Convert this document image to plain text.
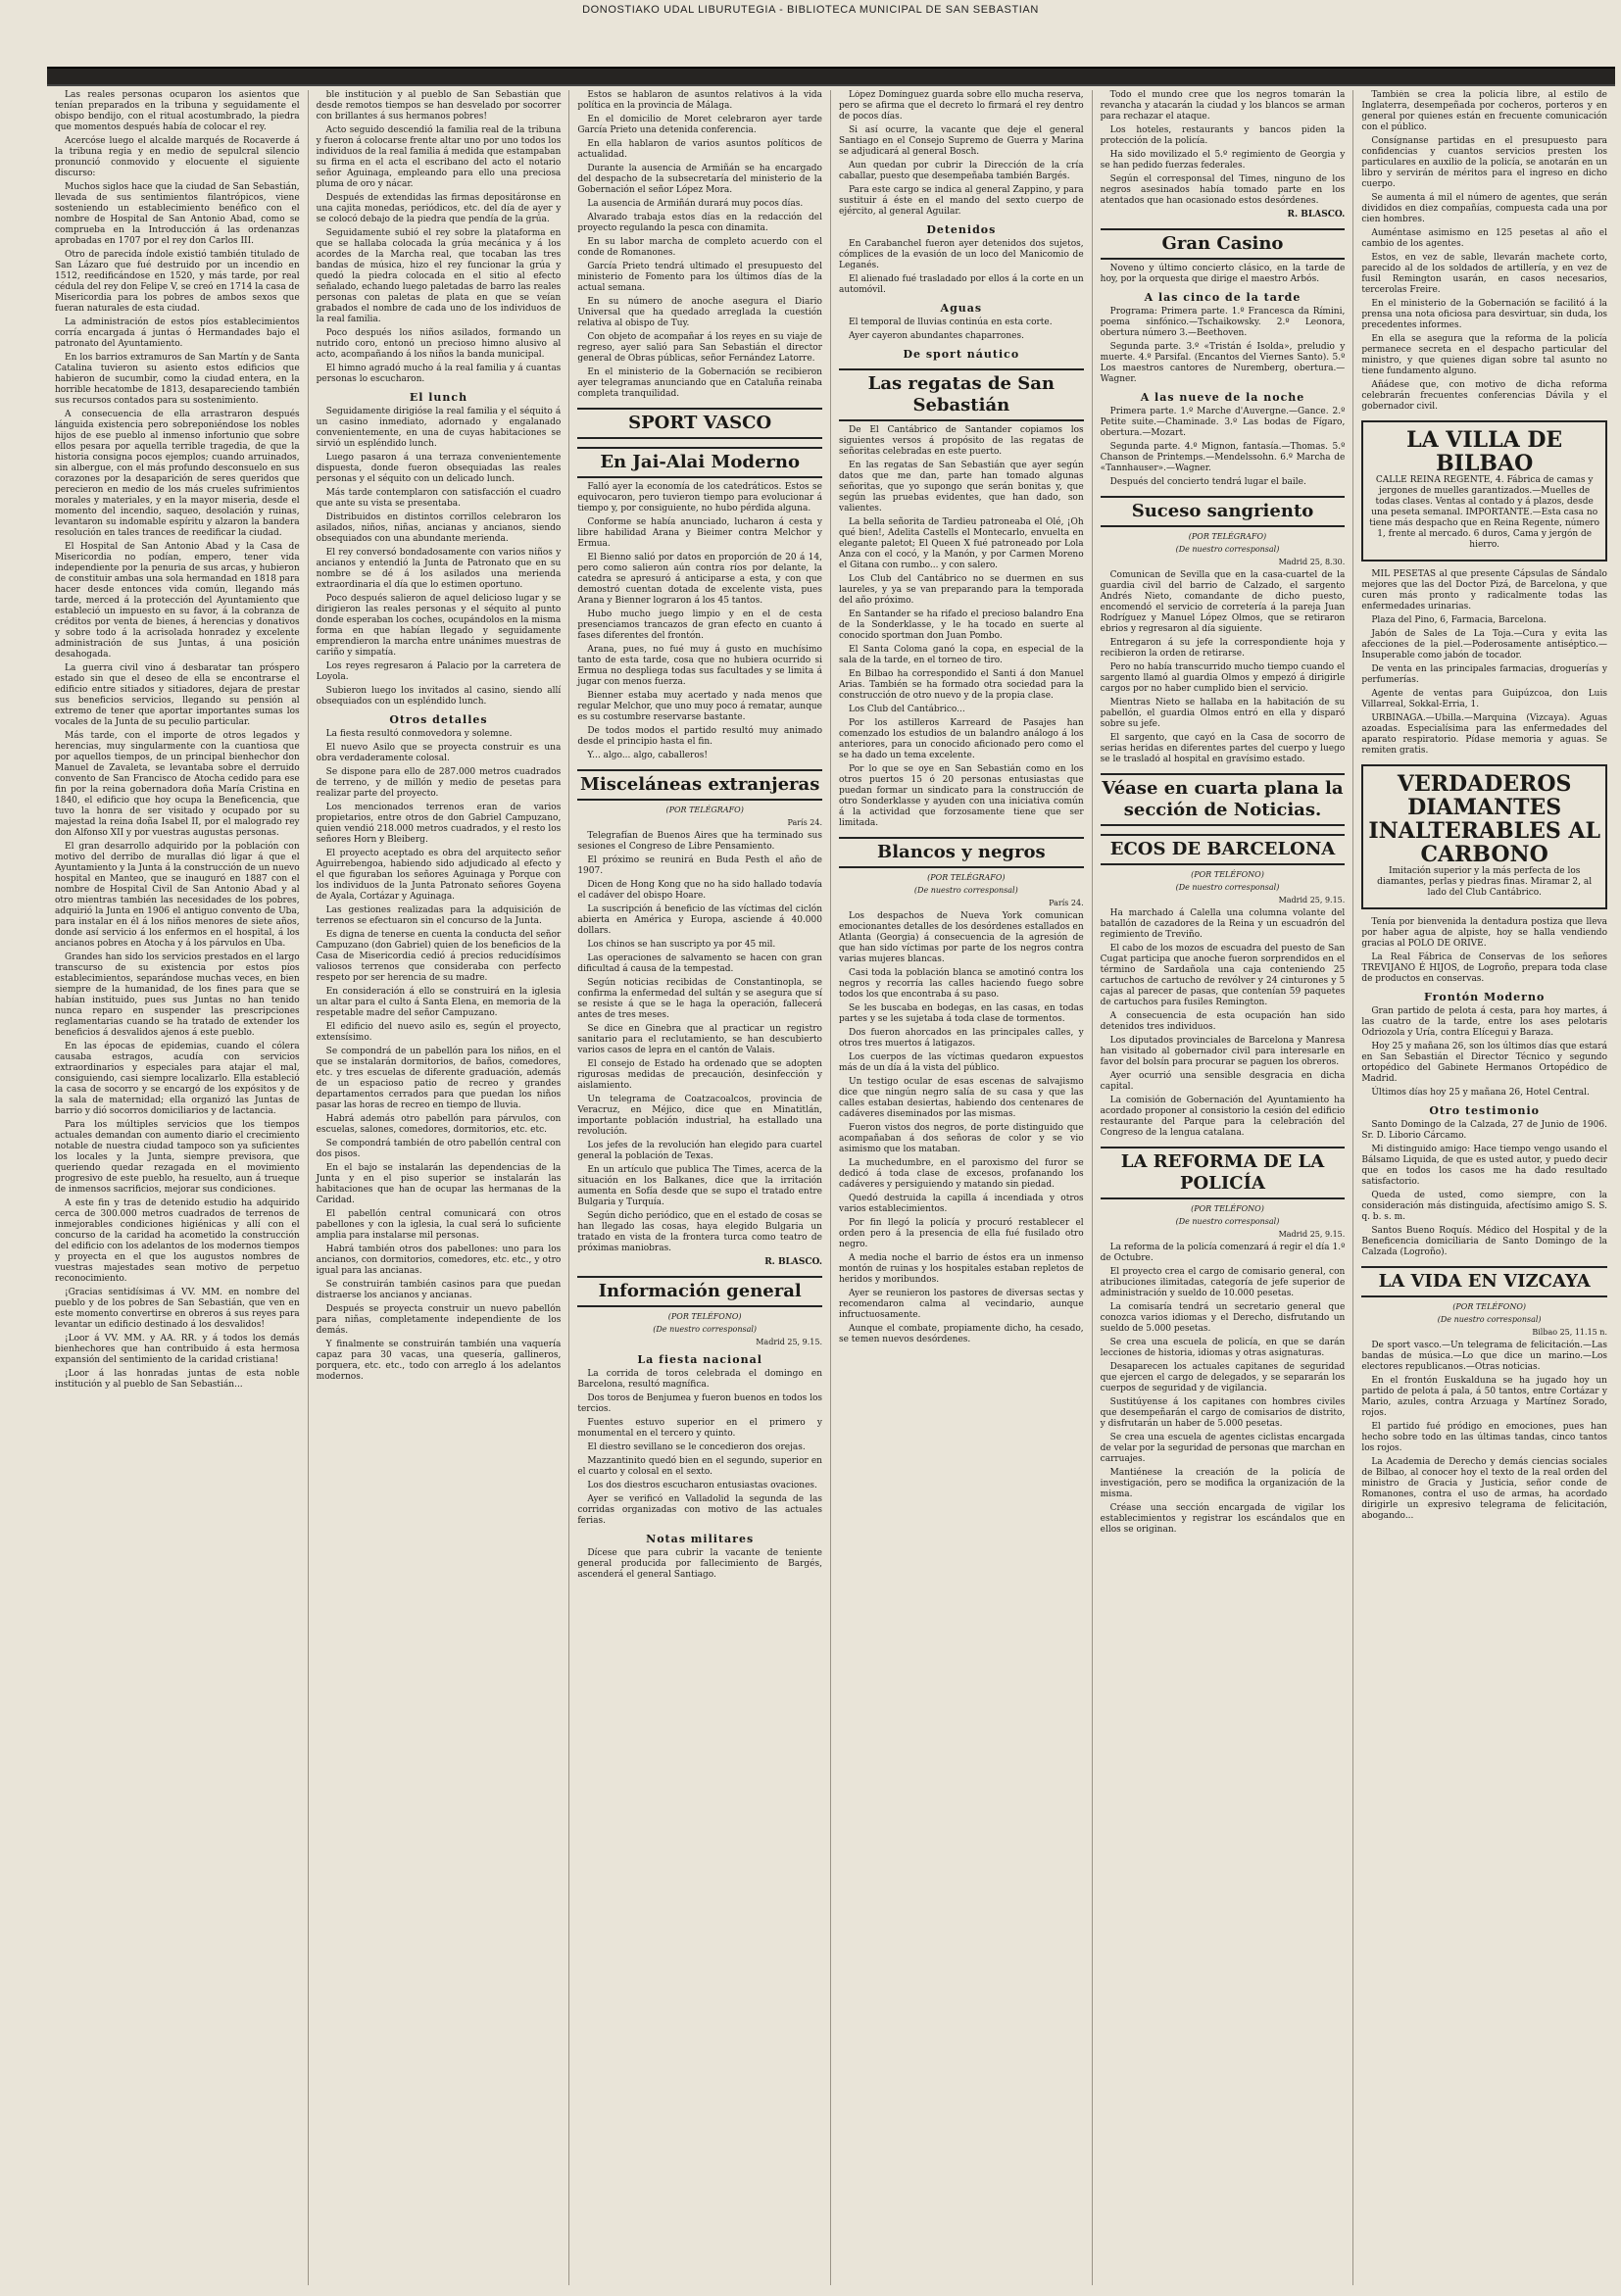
DONOSTIAKO UDAL LIBURUTEGIA - BIBLIOTECA MUNICIPAL DE SAN SEBASTIAN

Las reales personas ocuparon los asientos que tenían preparados en la tribuna y seguidamente el obispo bendijo, con el ritual acostumbrado, la piedra que momentos después había de colocar el rey.

Acercóse luego el alcalde marqués de Rocaverde á la tribuna regia y en medio de sepulcral silencio pronunció conmovido y elocuente el siguiente discurso:

Muchos siglos hace que la ciudad de San Sebastián, llevada de sus sentimientos filantrópicos, viene sosteniendo un establecimiento benéfico con el nombre de Hospital de San Antonio Abad, como se comprueba en la Introducción á las ordenanzas aprobadas en 1707 por el rey don Carlos III.

Otro de parecida índole existió también titulado de San Lázaro que fué destruido por un incendio en 1512, reedificándose en 1520, y más tarde, por real cédula del rey don Felipe V, se creó en 1714 la casa de Misericordia para los pobres de ambos sexos que fueran naturales de esta ciudad.

La administración de estos píos establecimientos corría encargada á juntas ó Hermandades bajo el patronato del Ayuntamiento.

En los barrios extramuros de San Martín y de Santa Catalina tuvieron su asiento estos edificios que habieron de sucumbir, como la ciudad entera, en la horrible hecatombe de 1813, desapareciendo también sus recursos contados para su sostenimiento.

A consecuencia de ella arrastraron después lánguida existencia pero sobreponiéndose los nobles hijos de ese pueblo al inmenso infortunio que sobre ellos pesara por aquella terrible tragedia, de que la historia consigna pocos ejemplos; cuando arruinados, sin albergue, con el más profundo desconsuelo en sus corazones por la desaparición de seres queridos que perecieron en medio de los más crueles sufrimientos morales y materiales, y en la mayor miseria, desde el momento del incendio, saqueo, desolación y ruinas, levantaron su indomable espíritu y alzaron la bandera resolución en tales trances de reedificar la ciudad.

El Hospital de San Antonio Abad y la Casa de Misericordia no podían, empero, tener vida independiente por la penuria de sus arcas, y hubieron de constituir ambas una sola hermandad en 1818 para hacer desde entonces vida común, llegando más tarde, merced á la protección del Ayuntamiento que estableció un impuesto en su favor, á la cobranza de créditos por venta de bienes, á herencias y donativos y sobre todo á la acrisolada honradez y excelente administración de sus Juntas, á una posición desahogada.

La guerra civil vino á desbaratar tan próspero estado sin que el deseo de ella se encontrarse el edificio entre sitiados y sitiadores, dejara de prestar sus beneficios servicios, llegando su pensión al extremo de tener que aportar importantes sumas los vocales de la Junta de su peculio particular.

Más tarde, con el importe de otros legados y herencias, muy singularmente con la cuantiosa que por aquellos tiempos, de un principal bienhechor don Manuel de Zavaleta, se levantaba sobre el derruido convento de San Francisco de Atocha cedido para ese fin por la reina gobernadora doña María Cristina en 1840, el edificio que hoy ocupa la Beneficencia, que tuvo la honra de ser visitado y ocupado por su majestad la reina doña Isabel II, por el malogrado rey don Alfonso XII y por vuestras augustas personas.

El gran desarrollo adquirido por la población con motivo del derribo de murallas dió ligar á que el Ayuntamiento y la Junta á la construcción de un nuevo hospital en Manteo, que se inauguró en 1887 con el nombre de Hospital Civil de San Antonio Abad y al otro mientras también las necesidades de los pobres, adquirió la Junta en 1906 el antiguo convento de Uba, para instalar en él á los niños menores de siete años, donde así servicio á los enfermos en el hospital, á los ancianos pobres en Atocha y á los párvulos en Uba.

Grandes han sido los servicios prestados en el largo transcurso de su existencia por estos píos establecimientos, separándose muchas veces, en bien siempre de la humanidad, de los fines para que se habían instituido, pues sus Juntas no han tenido nunca reparo en suspender las prescripciones reglamentarias cuando se ha tratado de extender los beneficios á desvalidos ajenos á este pueblo.

En las épocas de epidemias, cuando el cólera causaba estragos, acudía con servicios extraordinarios y especiales para atajar el mal, consiguiendo, casi siempre localizarlo. Ella estableció la casa de socorro y se encargó de los expósitos y de la sala de maternidad; ella organizó las Juntas de barrio y dió socorros domiciliarios y de lactancia.

Para los múltiples servicios que los tiempos actuales demandan con aumento diario el crecimiento notable de nuestra ciudad tampoco son ya suficientes los locales y la Junta, siempre previsora, que queriendo quedar rezagada en el movimiento progresivo de este pueblo, ha resuelto, aun á trueque de inmensos sacrificios, mejorar sus condiciones.

A este fin y tras de detenido estudio ha adquirido cerca de 300.000 metros cuadrados de terrenos de inmejorables condiciones higiénicas y allí con el concurso de la caridad ha acometido la construcción del edificio con los adelantos de los modernos tiempos y proyecta en el que los augustos nombres de vuestras majestades sean motivo de perpetuo reconocimiento.

¡Gracias sentidísimas á VV. MM. en nombre del pueblo y de los pobres de San Sebastián, que ven en este momento convertirse en obreros á sus reyes para levantar un edificio destinado á los desvalidos!

¡Loor á VV. MM. y AA. RR. y á todos los demás bienhechores que han contribuido á esta hermosa expansión del sentimiento de la caridad cristiana!

¡Loor á las honradas juntas de esta noble institución y al pueblo de San Sebastián...

ble institución y al pueblo de San Sebastián que desde remotos tiempos se han desvelado por socorrer con brillantes á sus hermanos pobres!

Acto seguido descendió la familia real de la tribuna y fueron á colocarse frente altar uno por uno todos los individuos de la real familia á medida que estampaban su firma en el acta el escribano del acto el notario señor Aguinaga, empleando para ello una preciosa pluma de oro y nácar.

Después de extendidas las firmas depositáronse en una cajita monedas, periódicos, etc. del día de ayer y se colocó debajo de la piedra que pendía de la grúa.

Seguidamente subió el rey sobre la plataforma en que se hallaba colocada la grúa mecánica y á los acordes de la Marcha real, que tocaban las tres bandas de música, hizo el rey funcionar la grúa y quedó la piedra colocada en el sitio al efecto señalado, echando luego paletadas de barro las reales personas con paletas de plata en que se veían grabados el nombre de cada uno de los individuos de la real familia.

Poco después los niños asilados, formando un nutrido coro, entonó un precioso himno alusivo al acto, acompañando á los niños la banda municipal.

El himno agradó mucho á la real familia y á cuantas personas lo escucharon.

El lunch

Seguidamente dirigióse la real familia y el séquito á un casino inmediato, adornado y engalanado convenientemente, en una de cuyas habitaciones se sirvió un espléndido lunch.

Luego pasaron á una terraza convenientemente dispuesta, donde fueron obsequiadas las reales personas y el séquito con un delicado lunch.

Más tarde contemplaron con satisfacción el cuadro que ante su vista se presentaba.

Distribuidos en distintos corrillos celebraron los asilados, niños, niñas, ancianas y ancianos, siendo obsequiados con una abundante merienda.

El rey conversó bondadosamente con varios niños y ancianos y entendió la Junta de Patronato que en su nombre se dé á los asilados una merienda extraordinaria el día que lo estimen oportuno.

Poco después salieron de aquel delicioso lugar y se dirigieron las reales personas y el séquito al punto donde esperaban los coches, ocupándolos en la misma forma en que habían llegado y seguidamente emprendieron la marcha entre unánimes muestras de cariño y simpatía.

Los reyes regresaron á Palacio por la carretera de Loyola.

Subieron luego los invitados al casino, siendo allí obsequiados con un espléndido lunch.

Otros detalles

La fiesta resultó conmovedora y solemne.

El nuevo Asilo que se proyecta construir es una obra verdaderamente colosal.

Se dispone para ello de 287.000 metros cuadrados de terreno, y de millón y medio de pesetas para realizar parte del proyecto.

Los mencionados terrenos eran de varios propietarios, entre otros de don Gabriel Campuzano, quien vendió 218.000 metros cuadrados, y el resto los señores Horn y Bleiberg.

El proyecto aceptado es obra del arquitecto señor Aguirrebengoa, habiendo sido adjudicado al efecto y el que figuraban los señores Aguinaga y Porque con los individuos de la Junta Patronato señores Goyena de Ayala, Cortázar y Aguinaga.

Las gestiones realizadas para la adquisición de terrenos se efectuaron sin el concurso de la Junta.

Es digna de tenerse en cuenta la conducta del señor Campuzano (don Gabriel) quien de los beneficios de la Casa de Misericordia cedió á precios reducidísimos valiosos terrenos que consideraba con perfecto respeto por ser herencia de su madre.

En consideración á ello se construirá en la iglesia un altar para el culto á Santa Elena, en memoria de la respetable madre del señor Campuzano.

El edificio del nuevo asilo es, según el proyecto, extensísimo.

Se compondrá de un pabellón para los niños, en el que se instalarán dormitorios, de baños, comedores, etc. y tres escuelas de diferente graduación, además de un espacioso patio de recreo y grandes departamentos cerrados para que puedan los niños pasar las horas de recreo en tiempo de lluvia.

Habrá además otro pabellón para párvulos, con escuelas, salones, comedores, dormitorios, etc. etc.

Se compondrá también de otro pabellón central con dos pisos.

En el bajo se instalarán las dependencias de la Junta y en el piso superior se instalarán las habitaciones que han de ocupar las hermanas de la Caridad.

El pabellón central comunicará con otros pabellones y con la iglesia, la cual será lo suficiente amplia para instalarse mil personas.

Habrá también otros dos pabellones: uno para los ancianos, con dormitorios, comedores, etc. etc., y otro igual para las ancianas.

Se construirán también casinos para que puedan distraerse los ancianos y ancianas.

Después se proyecta construir un nuevo pabellón para niñas, completamente independiente de los demás.

Y finalmente se construirán también una vaquería capaz para 30 vacas, una quesería, gallineros, porquera, etc. etc., todo con arreglo á los adelantos modernos.

Estos se hablaron de asuntos relativos á la vida política en la provincia de Málaga.

En el domicilio de Moret celebraron ayer tarde García Prieto una detenida conferencia.

En ella hablaron de varios asuntos políticos de actualidad.

Durante la ausencia de Armiñán se ha encargado del despacho de la subsecretaría del ministerio de la Gobernación el señor López Mora.

La ausencia de Armiñán durará muy pocos días.

Alvarado trabaja estos días en la redacción del proyecto regulando la pesca con dinamita.

En su labor marcha de completo acuerdo con el conde de Romanones.

García Prieto tendrá ultimado el presupuesto del ministerio de Fomento para los últimos días de la actual semana.

En su número de anoche asegura el Diario Universal que ha quedado arreglada la cuestión relativa al obispo de Tuy.

Con objeto de acompañar á los reyes en su viaje de regreso, ayer salió para San Sebastián el director general de Obras públicas, señor Fernández Latorre.

En el ministerio de la Gobernación se recibieron ayer telegramas anunciando que en Cataluña reinaba completa tranquilidad.

SPORT VASCO
En Jai-Alai Moderno

Falló ayer la economía de los catedráticos. Estos se equivocaron, pero tuvieron tiempo para evolucionar á tiempo y, por consiguiente, no hubo pérdida alguna.

Conforme se había anunciado, lucharon á cesta y libre habilidad Arana y Bieimer contra Melchor y Ermua.

El Bienno salió por datos en proporción de 20 á 14, pero como salieron aún contra ríos por delante, la catedra se apresuró á anticiparse a esta, y con que demostró cuentan dotada de excelente vista, pues Arana y Bienner lograron á los 45 tantos.

Hubo mucho juego limpio y en el de cesta presenciamos trancazos de gran efecto en cuanto á fases diferentes del frontón.

Arana, pues, no fué muy á gusto en muchísimo tanto de esta tarde, cosa que no hubiera ocurrido si Ermua no despliega todas sus facultades y se limita á jugar con menos fuerza.

Bienner estaba muy acertado y nada menos que regular Melchor, que uno muy poco á rematar, aunque es su costumbre reservarse bastante.

De todos modos el partido resultó muy animado desde el principio hasta el fin.

Y... algo... algo, caballeros!

Misceláneas extranjeras

(POR TELÉGRAFO)

París 24.

Telegrafían de Buenos Aires que ha terminado sus sesiones el Congreso de Libre Pensamiento.

El próximo se reunirá en Buda Pesth el año de 1907.

Dicen de Hong Kong que no ha sido hallado todavía el cadáver del obispo Hoare.

La suscripción á beneficio de las víctimas del ciclón abierta en América y Europa, asciende á 40.000 dollars.

Los chinos se han suscripto ya por 45 mil.

Las operaciones de salvamento se hacen con gran dificultad á causa de la tempestad.

Según noticias recibidas de Constantinopla, se confirma la enfermedad del sultán y se asegura que sí se resiste á que se le haga la operación, fallecerá antes de tres meses.

Se dice en Ginebra que al practicar un registro sanitario para el reclutamiento, se han descubierto varios casos de lepra en el cantón de Valais.

El consejo de Estado ha ordenado que se adopten rigurosas medidas de precaución, desinfección y aislamiento.

Un telegrama de Coatzacoalcos, provincia de Veracruz, en Méjico, dice que en Minatitlán, importante población industrial, ha estallado una revolución.

Los jefes de la revolución han elegido para cuartel general la población de Texas.

En un artículo que publica The Times, acerca de la situación en los Balkanes, dice que la irritación aumenta en Sofía desde que se supo el tratado entre Bulgaria y Turquía.

Según dicho periódico, que en el estado de cosas se han llegado las cosas, haya elegido Bulgaria un tratado en vista de la frontera turca como teatro de próximas maniobras.

R. BLASCO.

Información general

(POR TELÉFONO)

(De nuestro corresponsal)

Madrid 25, 9.15.

La fiesta nacional

La corrida de toros celebrada el domingo en Barcelona, resultó magnífica.

Dos toros de Benjumea y fueron buenos en todos los tercios.

Fuentes estuvo superior en el primero y monumental en el tercero y quinto.

El diestro sevillano se le concedieron dos orejas.

Mazzantinito quedó bien en el segundo, superior en el cuarto y colosal en el sexto.

Los dos diestros escucharon entusiastas ovaciones.

Ayer se verificó en Valladolid la segunda de las corridas organizadas con motivo de las actuales ferias.

Notas militares

Dícese que para cubrir la vacante de teniente general producida por fallecimiento de Bargés, ascenderá el general Santiago.

López Domínguez guarda sobre ello mucha reserva, pero se afirma que el decreto lo firmará el rey dentro de pocos días.

Si así ocurre, la vacante que deje el general Santiago en el Consejo Supremo de Guerra y Marina se adjudicará al general Bosch.

Aun quedan por cubrir la Dirección de la cría caballar, puesto que desempeñaba también Bargés.

Para este cargo se indica al general Zappino, y para sustituir á éste en el mando del sexto cuerpo de ejército, al general Aguilar.

Detenidos

En Carabanchel fueron ayer detenidos dos sujetos, cómplices de la evasión de un loco del Manicomio de Leganés.

El alienado fué trasladado por ellos á la corte en un automóvil.

Aguas

El temporal de lluvias continúa en esta corte.

Ayer cayeron abundantes chaparrones.

De sport náutico
Las regatas de San Sebastián

De El Cantábrico de Santander copiamos los siguientes versos á propósito de las regatas de señoritas celebradas en este puerto.

En las regatas de San Sebastián que ayer según datos que me dan, parte han tomado algunas señoritas, que yo supongo que serán bonitas y, que según las pruebas evidentes, que han dado, son valientes.

La bella señorita de Tardieu patroneaba el Olé, ¡Oh qué bien!, Adelita Castells el Montecarlo, envuelta en elegante paletot; El Queen X fué patroneado por Lola Anza con el cocó, y la Manón, y por Carmen Moreno el Gitana con rumbo... y con salero.

Los Club del Cantábrico no se duermen en sus laureles, y ya se van preparando para la temporada del año próximo.

En Santander se ha rifado el precioso balandro Ena de la Sonderklasse, y le ha tocado en suerte al conocido sportman don Juan Pombo.

El Santa Coloma ganó la copa, en especial de la sala de la tarde, en el torneo de tiro.

En Bilbao ha correspondido el Santi á don Manuel Arias. También se ha formado otra sociedad para la construcción de otro nuevo y de la propia clase.

Los Club del Cantábrico...

Por los astilleros Karreard de Pasajes han comenzado los estudios de un balandro análogo á los anteriores, para un conocido aficionado pero como el se ha dado un tema excelente.

Por lo que se oye en San Sebastián como en los otros puertos 15 ó 20 personas entusiastas que puedan formar un sindicato para la construcción de otro Sonderklasse y ayuden con una iniciativa común á la actividad que forzosamente tiene que ser limitada.

Blancos y negros

(POR TELÉGRAFO)

(De nuestro corresponsal)

París 24.

Los despachos de Nueva York comunican emocionantes detalles de los desórdenes estallados en Atlanta (Georgia) á consecuencia de la agresión de que han sido víctimas por parte de los negros contra varias mujeres blancas.

Casi toda la población blanca se amotinó contra los negros y recorría las calles haciendo fuego sobre todos los que encontraba á su paso.

Se les buscaba en bodegas, en las casas, en todas partes y se les sujetaba á toda clase de tormentos.

Dos fueron ahorcados en las principales calles, y otros tres muertos á latigazos.

Los cuerpos de las víctimas quedaron expuestos más de un día á la vista del público.

Un testigo ocular de esas escenas de salvajismo dice que ningún negro salía de su casa y que las calles estaban desiertas, habiendo dos centenares de cadáveres diseminados por las mismas.

Fueron vistos dos negros, de porte distinguido que acompañaban á dos señoras de color y se vio asimismo que los mataban.

La muchedumbre, en el paroxismo del furor se dedicó á toda clase de excesos, profanando los cadáveres y persiguiendo y matando sin piedad.

Quedó destruida la capilla á incendiada y otros varios establecimientos.

Por fin llegó la policía y procuró restablecer el orden pero á la presencia de ella fué fusilado otro negro.

A media noche el barrio de éstos era un inmenso montón de ruinas y los hospitales estaban repletos de heridos y moribundos.

Ayer se reunieron los pastores de diversas sectas y recomendaron calma al vecindario, aunque infructuosamente.

Aunque el combate, propiamente dicho, ha cesado, se temen nuevos desórdenes.

Todo el mundo cree que los negros tomarán la revancha y atacarán la ciudad y los blancos se arman para rechazar el ataque.

Los hoteles, restaurants y bancos piden la protección de la policía.

Ha sido movilizado el 5.º regimiento de Georgia y se han pedido fuerzas federales.

Según el corresponsal del Times, ninguno de los negros asesinados había tomado parte en los atentados que han ocasionado estos desórdenes.

R. BLASCO.

Gran Casino

Noveno y último concierto clásico, en la tarde de hoy, por la orquesta que dirige el maestro Arbós.

A las cinco de la tarde

Programa: Primera parte. 1.º Francesca da Rímini, poema sinfónico.—Tschaikowsky. 2.º Leonora, obertura número 3.—Beethoven.

Segunda parte. 3.º «Tristán é Isolda», preludio y muerte. 4.º Parsifal. (Encantos del Viernes Santo). 5.º Los maestros cantores de Nuremberg, obertura.—Wagner.

A las nueve de la noche

Primera parte. 1.º Marche d'Auvergne.—Gance. 2.º Petite suite.—Chaminade. 3.º Las bodas de Fígaro, obertura.—Mozart.

Segunda parte. 4.º Mignon, fantasía.—Thomas. 5.º Chanson de Printemps.—Mendelssohn. 6.º Marcha de «Tannhauser».—Wagner.

Después del concierto tendrá lugar el baile.

Suceso sangriento

(POR TELÉGRAFO)

(De nuestro corresponsal)

Madrid 25, 8.30.

Comunican de Sevilla que en la casa-cuartel de la guardia civil del barrio de Calzado, el sargento Andrés Nieto, comandante de dicho puesto, encomendó el servicio de corretería á la pareja Juan Rodríguez y Manuel López Olmos, que se retiraron ebrios y regresaron al día siguiente.

Entregaron á su jefe la correspondiente hoja y recibieron la orden de retirarse.

Pero no había transcurrido mucho tiempo cuando el sargento llamó al guardia Olmos y empezó á dirigirle cargos por no haber cumplido bien el servicio.

Mientras Nieto se hallaba en la habitación de su pabellón, el guardia Olmos entró en ella y disparó sobre su jefe.

El sargento, que cayó en la Casa de socorro de serias heridas en diferentes partes del cuerpo y luego se le trasladó al hospital en gravísimo estado.

Véase en cuarta plana la sección de Noticias.
ECOS DE BARCELONA

(POR TELÉFONO)

(De nuestro corresponsal)

Madrid 25, 9.15.

Ha marchado á Calella una columna volante del batallón de cazadores de la Reina y un escuadrón del regimiento de Treviño.

El cabo de los mozos de escuadra del puesto de San Cugat participa que anoche fueron sorprendidos en el término de Sardañola una caja conteniendo 25 cartuchos de cartucho de revólver y 24 cinturones y 5 cajas al parecer de pasas, que contenían 59 paquetes de cartuchos para fusiles Remington.

A consecuencia de esta ocupación han sido detenidos tres individuos.

Los diputados provinciales de Barcelona y Manresa han visitado al gobernador civil para interesarle en favor del bolsín para procurar se paguen los obreros.

Ayer ocurrió una sensible desgracia en dicha capital.

La comisión de Gobernación del Ayuntamiento ha acordado proponer al consistorio la cesión del edificio restaurante del Parque para la celebración del Congreso de la lengua catalana.

LA REFORMA DE LA POLICÍA

(POR TELÉFONO)

(De nuestro corresponsal)

Madrid 25, 9.15.

La reforma de la policía comenzará á regir el día 1.º de Octubre.

El proyecto crea el cargo de comisario general, con atribuciones ilimitadas, categoría de jefe superior de administración y sueldo de 10.000 pesetas.

La comisaría tendrá un secretario general que conozca varios idiomas y el Derecho, disfrutando un sueldo de 5.000 pesetas.

Se crea una escuela de policía, en que se darán lecciones de historia, idiomas y otras asignaturas.

Desaparecen los actuales capitanes de seguridad que ejercen el cargo de delegados, y se separarán los cuerpos de seguridad y de vigilancia.

Sustitúyense á los capitanes con hombres civiles que desempeñarán el cargo de comisarios de distrito, y disfrutarán un haber de 5.000 pesetas.

Se crea una escuela de agentes ciclistas encargada de velar por la seguridad de personas que marchan en carruajes.

Mantiénese la creación de la policía de investigación, pero se modifica la organización de la misma.

Créase una sección encargada de vigilar los establecimientos y registrar los escándalos que en ellos se originan.

También se crea la policía libre, al estilo de Inglaterra, desempeñada por cocheros, porteros y en general por quienes están en frecuente comunicación con el público.

Consígnanse partidas en el presupuesto para confidencias y cuantos servicios presten los particulares en auxilio de la policía, se anotarán en un libro y servirán de méritos para el ingreso en dicho cuerpo.

Se aumenta á mil el número de agentes, que serán divididos en diez compañías, compuesta cada una por cien hombres.

Auméntase asimismo en 125 pesetas al año el cambio de los agentes.

Estos, en vez de sable, llevarán machete corto, parecido al de los soldados de artillería, y en vez de fusil Remington usarán, en casos necesarios, tercerolas Freire.

En el ministerio de la Gobernación se facilitó á la prensa una nota oficiosa para desvirtuar, sin duda, los precedentes informes.

En ella se asegura que la reforma de la policía permanece secreta en el despacho particular del ministro, y que quienes digan sobre tal asunto no tiene fundamento alguno.

Añádese que, con motivo de dicha reforma celebrarán frecuentes conferencias Dávila y el gobernador civil.

LA VILLA DE BILBAO

CALLE REINA REGENTE, 4. Fábrica de camas y jergones de muelles garantizados.—Muelles de todas clases. Ventas al contado y á plazos, desde una peseta semanal. IMPORTANTE.—Esta casa no tiene más despacho que en Reina Regente, número 1, frente al mercado. 6 duros, Cama y jergón de hierro.

MIL PESETAS al que presente Cápsulas de Sándalo mejores que las del Doctor Pizá, de Barcelona, y que curen más pronto y radicalmente todas las enfermedades urinarias.

Plaza del Pino, 6, Farmacia, Barcelona.

Jabón de Sales de La Toja.—Cura y evita las afecciones de la piel.—Poderosamente antiséptico.—Insuperable como jabón de tocador.

De venta en las principales farmacias, droguerías y perfumerías.

Agente de ventas para Guipúzcoa, don Luis Villarreal, Sokkal-Erria, 1.

URBINAGA.—Ubilla.—Marquina (Vizcaya). Aguas azoadas. Especialísima para las enfermedades del aparato respiratorio. Pídase memoria y aguas. Se remiten gratis.

VERDADEROS DIAMANTES INALTERABLES AL CARBONO

Imitación superior y la más perfecta de los diamantes, perlas y piedras finas. Miramar 2, al lado del Club Cantábrico.

Tenía por bienvenida la dentadura postiza que lleva por haber agua de alpiste, hoy se halla vendiendo gracias al POLO DE ORIVE.

La Real Fábrica de Conservas de los señores TREVIJANO É HIJOS, de Logroño, prepara toda clase de productos en conservas.

Frontón Moderno

Gran partido de pelota á cesta, para hoy martes, á las cuatro de la tarde, entre los ases pelotaris Odriozola y Uría, contra Elícegui y Baraza.

Hoy 25 y mañana 26, son los últimos días que estará en San Sebastián el Director Técnico y segundo ortopédico del Gabinete Hermanos Ortopédico de Madrid.

Últimos días hoy 25 y mañana 26, Hotel Central.

Otro testimonio

Santo Domingo de la Calzada, 27 de Junio de 1906. Sr. D. Liborio Cárcamo.

Mi distinguido amigo: Hace tiempo vengo usando el Bálsamo Liquida, de que es usted autor, y puedo decir que en todos los casos me ha dado resultado satisfactorio.

Queda de usted, como siempre, con la consideración más distinguida, afectísimo amigo S. S. q. b. s. m.

Santos Bueno Roquís. Médico del Hospital y de la Beneficencia domiciliaria de Santo Domingo de la Calzada (Logroño).

LA VIDA EN VIZCAYA

(POR TELÉFONO)

(De nuestro corresponsal)

Bilbao 25, 11.15 n.

De sport vasco.—Un telegrama de felicitación.—Las bandas de música.—Lo que dice un marino.—Los electores republicanos.—Otras noticias.

En el frontón Euskalduna se ha jugado hoy un partido de pelota á pala, á 50 tantos, entre Cortázar y Mario, azules, contra Arzuaga y Martínez Sorado, rojos.

El partido fué pródigo en emociones, pues han hecho sobre todo en las últimas tandas, cinco tantos los rojos.

La Academia de Derecho y demás ciencias sociales de Bilbao, al conocer hoy el texto de la real orden del ministro de Gracia y Justicia, señor conde de Romanones, contra el uso de armas, ha acordado dirigirle un expresivo telegrama de felicitación, abogando...
